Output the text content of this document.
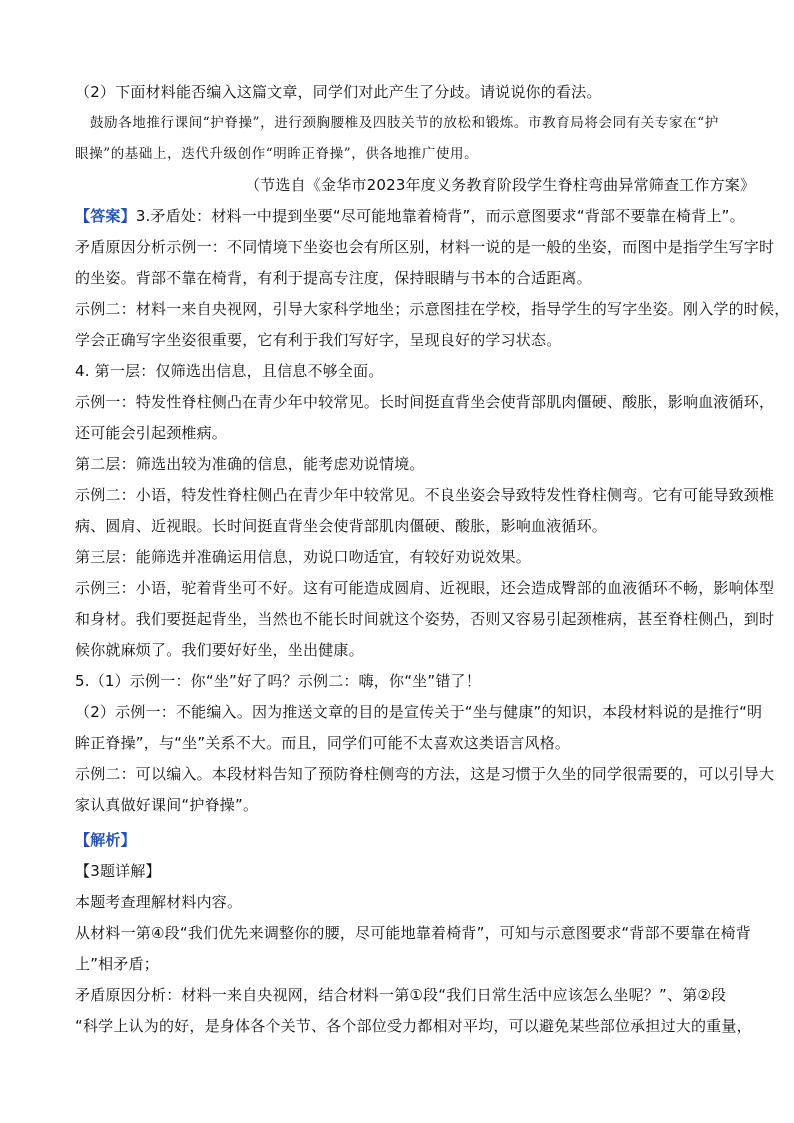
（2）下面材料能否编入这篇文章，同学们对此产生了分歧。请说说你的看法。
鼓励各地推行课间“护脊操”，进行颈胸腰椎及四肢关节的放松和锻炼。市教育局将会同有关专家在“护
眼操”的基础上，迭代升级创作“明眸正脊操”，供各地推广使用。
（节选自《金华市2023年度义务教育阶段学生脊柱弯曲异常筛查工作方案》
【答案】3.矛盾处：材料一中提到坐要“尽可能地靠着椅背”，而示意图要求“背部不要靠在椅背上”。
矛盾原因分析示例一：不同情境下坐姿也会有所区别，材料一说的是一般的坐姿，而图中是指学生写字时
的坐姿。背部不靠在椅背，有利于提高专注度，保持眼睛与书本的合适距离。
示例二：材料一来自央视网，引导大家科学地坐；示意图挂在学校，指导学生的写字坐姿。刚入学的时候，
学会正确写字坐姿很重要，它有利于我们写好字，呈现良好的学习状态。
4. 第一层：仅筛选出信息，且信息不够全面。
示例一：特发性脊柱侧凸在青少年中较常见。长时间挺直背坐会使背部肌肉僵硬、酸胀，影响血液循环，
还可能会引起颈椎病。
第二层：筛选出较为准确的信息，能考虑劝说情境。
示例二：小语，特发性脊柱侧凸在青少年中较常见。不良坐姿会导致特发性脊柱侧弯。它有可能导致颈椎
病、圆肩、近视眼。长时间挺直背坐会使背部肌肉僵硬、酸胀，影响血液循环。
第三层：能筛选并准确运用信息，劝说口吻适宜，有较好劝说效果。
示例三：小语，驼着背坐可不好。这有可能造成圆肩、近视眼，还会造成臀部的血液循环不畅，影响体型
和身材。我们要挺起背坐，当然也不能长时间就这个姿势，否则又容易引起颈椎病，甚至脊柱侧凸，到时
候你就麻烦了。我们要好好坐，坐出健康。
5.（1）示例一：你“坐”好了吗？示例二：嗨，你“坐”错了！
（2）示例一：不能编入。因为推送文章的目的是宣传关于“坐与健康”的知识，本段材料说的是推行“明
眸正脊操”，与“坐”关系不大。而且，同学们可能不太喜欢这类语言风格。
示例二：可以编入。本段材料告知了预防脊柱侧弯的方法，这是习惯于久坐的同学很需要的，可以引导大
家认真做好课间“护脊操”。
【解析】
【3题详解】
本题考查理解材料内容。
从材料一第④段“我们优先来调整你的腰，尽可能地靠着椅背”，可知与示意图要求“背部不要靠在椅背
上”相矛盾；
矛盾原因分析：材料一来自央视网，结合材料一第①段“我们日常生活中应该怎么坐呢？”、第②段
“科学上认为的好，是身体各个关节、各个部位受力都相对平均，可以避免某些部位承担过大的重量，
